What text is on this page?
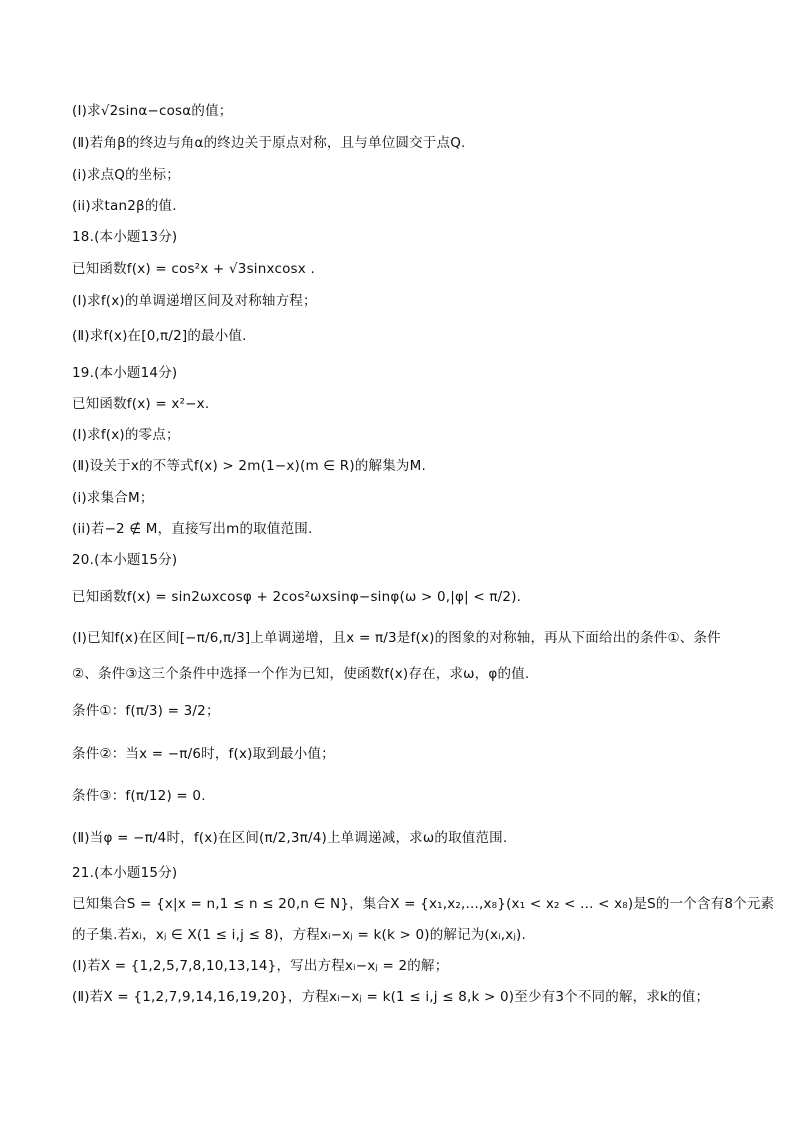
(Ⅰ)求√2sinα−cosα的值；
(Ⅱ)若角β的终边与角α的终边关于原点对称，且与单位圆交于点Q.
(i)求点Q的坐标；
(ii)求tan2β的值.
18.(本小题13分)
已知函数f(x) = cos²x + √3sinxcosx .
(Ⅰ)求f(x)的单调递增区间及对称轴方程；
(Ⅱ)求f(x)在[0,π/2]的最小值.
19.(本小题14分)
已知函数f(x) = x²−x.
(Ⅰ)求f(x)的零点；
(Ⅱ)设关于x的不等式f(x) > 2m(1−x)(m ∈ R)的解集为M.
(i)求集合M；
(ii)若−2 ∉ M，直接写出m的取值范围.
20.(本小题15分)
已知函数f(x) = sin2ωxcosφ + 2cos²ωxsinφ−sinφ(ω > 0,|φ| < π/2).
(Ⅰ)已知f(x)在区间[−π/6,π/3]上单调递增，且x = π/3是f(x)的图象的对称轴，再从下面给出的条件①、条件
②、条件③这三个条件中选择一个作为已知，使函数f(x)存在，求ω，φ的值.
条件①：f(π/3) = 3/2；
条件②：当x = −π/6时，f(x)取到最小值；
条件③：f(π/12) = 0.
(Ⅱ)当φ = −π/4时，f(x)在区间(π/2,3π/4)上单调递减，求ω的取值范围.
21.(本小题15分)
已知集合S = {x|x = n,1 ≤ n ≤ 20,n ∈ N}，集合X = {x₁,x₂,...,x₈}(x₁ < x₂ < ... < x₈)是S的一个含有8个元素
的子集.若xᵢ，xⱼ ∈ X(1 ≤ i,j ≤ 8)，方程xᵢ−xⱼ = k(k > 0)的解记为(xᵢ,xⱼ).
(Ⅰ)若X = {1,2,5,7,8,10,13,14}，写出方程xᵢ−xⱼ = 2的解；
(Ⅱ)若X = {1,2,7,9,14,16,19,20}，方程xᵢ−xⱼ = k(1 ≤ i,j ≤ 8,k > 0)至少有3个不同的解，求k的值；
